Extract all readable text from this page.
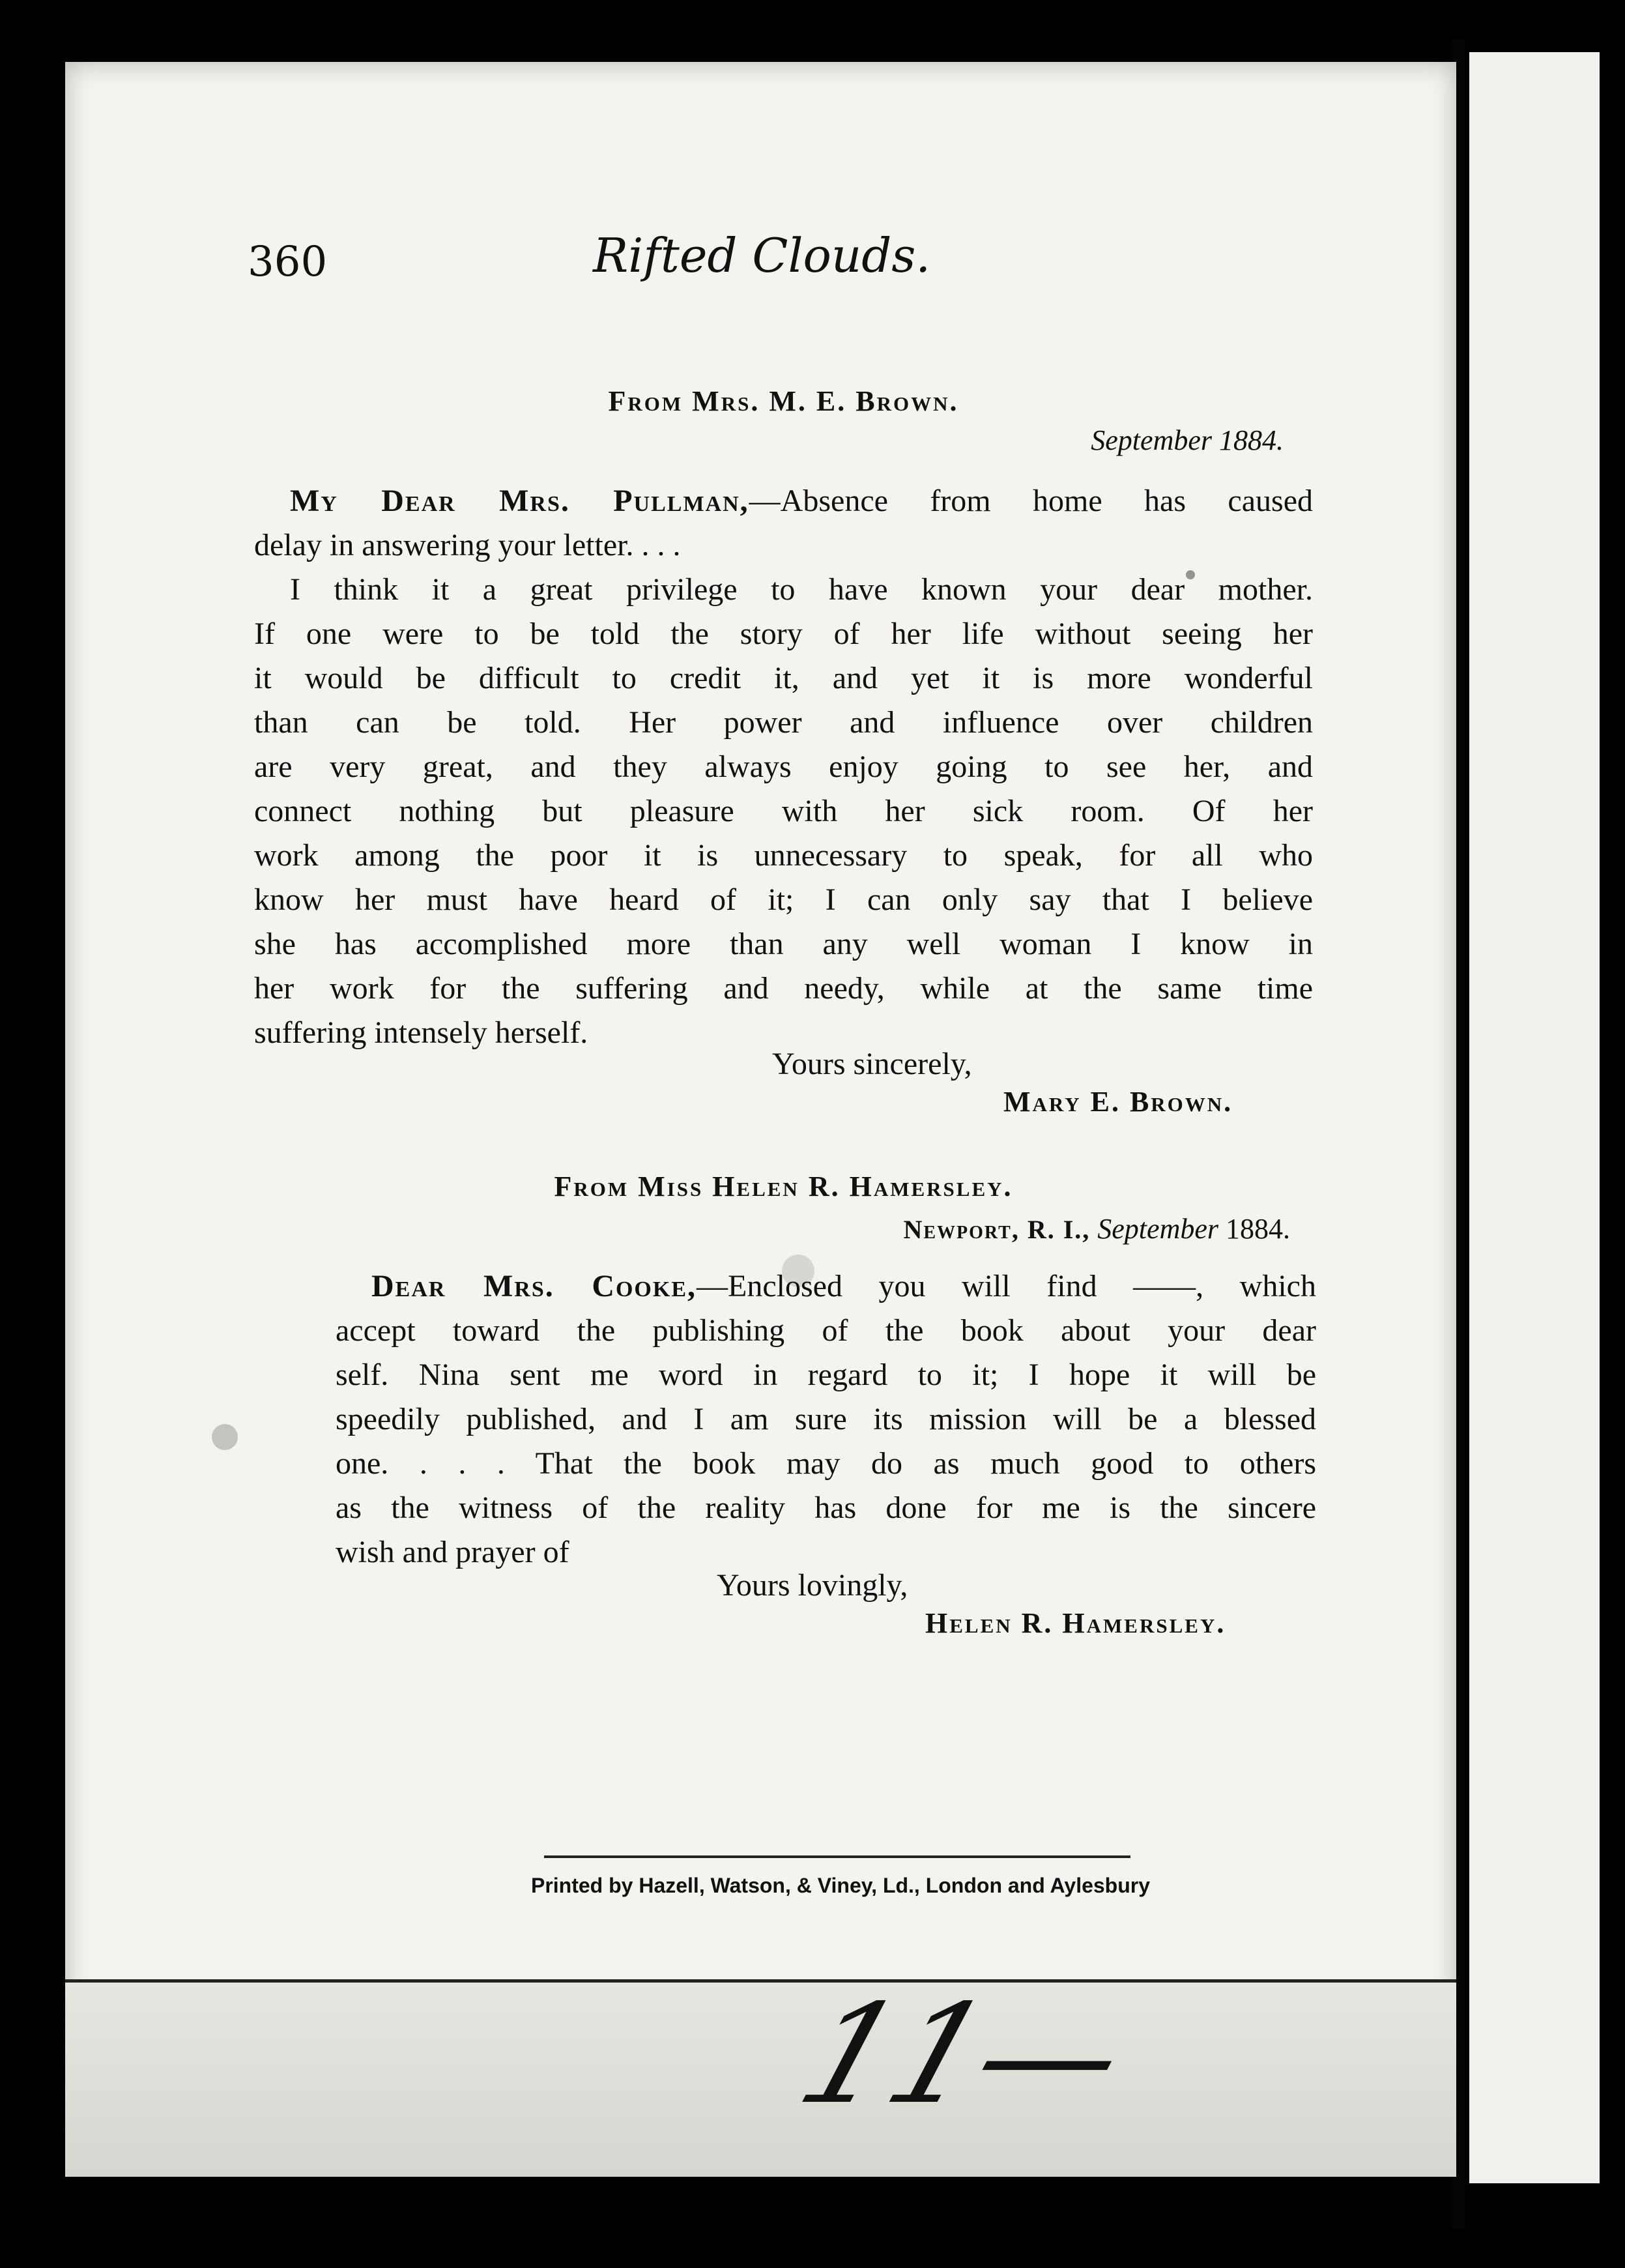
360	Rifted Clouds.
From Mrs. M. E. Brown.
September 1884.
My Dear Mrs. Pullman,—Absence from home has caused
delay in answering your letter. . . .
I think it a great privilege to have known your dear mother.
If one were to be told the story of her life without seeing her
it would be difficult to credit it, and yet it is more wonderful
than can be told. Her power and influence over children
are very great, and they always enjoy going to see her, and
connect nothing but pleasure with her sick room. Of her
work among the poor it is unnecessary to speak, for all who
know her must have heard of it; I can only say that I believe
she has accomplished more than any well woman I know in
her work for the suffering and needy, while at the same time
suffering intensely herself.
Yours sincerely,
Mary E. Brown.
From Miss Helen R. Hamersley.
Newport, R. I., September 1884.
Dear Mrs. Cooke,—Enclosed you will find ——, which
accept toward the publishing of the book about your dear
self. Nina sent me word in regard to it; I hope it will be
speedily published, and I am sure its mission will be a blessed
one. . . . That the book may do as much good to others
as the witness of the reality has done for me is the sincere
wish and prayer of
Yours lovingly,
Helen R. Hamersley.
Printed by Hazell, Watson, & Viney, Ld., London and Aylesbury
11—
